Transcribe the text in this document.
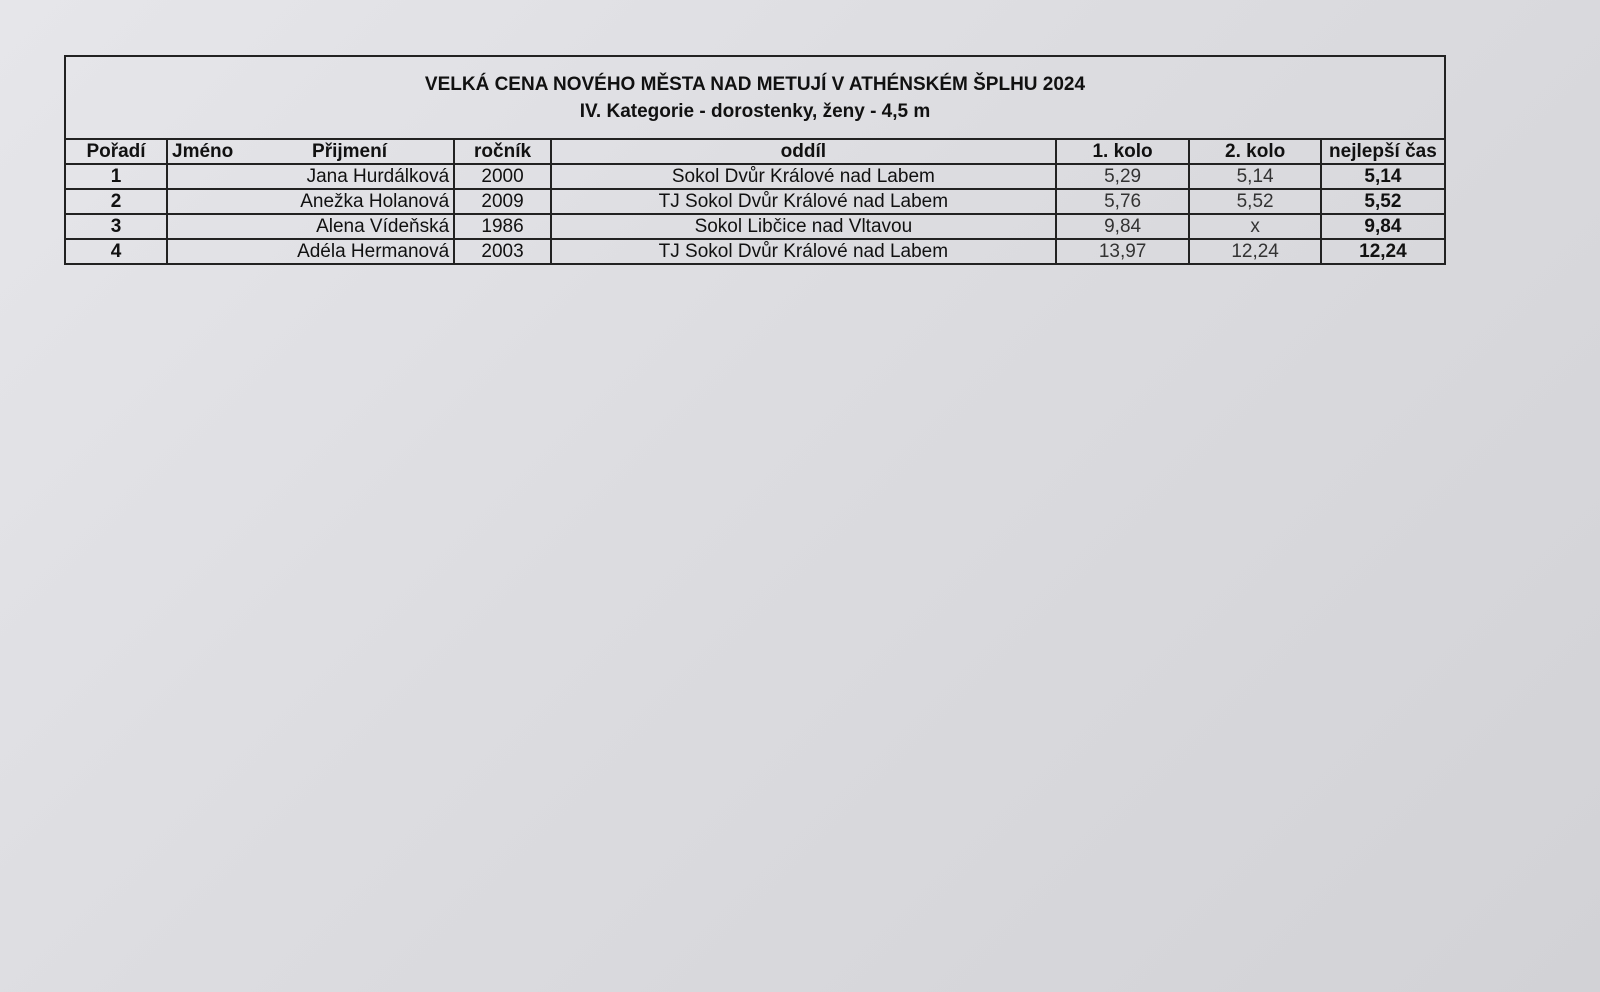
VELKÁ CENA NOVÉHO MĚSTA NAD METUJÍ V ATHÉNSKÉM ŠPLHU 2024
IV. Kategorie - dorostenky, ženy - 4,5 m
Pořadí	Jméno Přijmení	ročník	oddíl	1. kolo	2. kolo	nejlepší čas
1	Jana Hurdálková	2000	Sokol Dvůr Králové nad Labem	5,29	5,14	5,14
2	Anežka Holanová	2009	TJ Sokol Dvůr Králové nad Labem	5,76	5,52	5,52
3	Alena Vídeňská	1986	Sokol Libčice nad Vltavou	9,84	x	9,84
4	Adéla Hermanová	2003	TJ Sokol Dvůr Králové nad Labem	13,97	12,24	12,24
